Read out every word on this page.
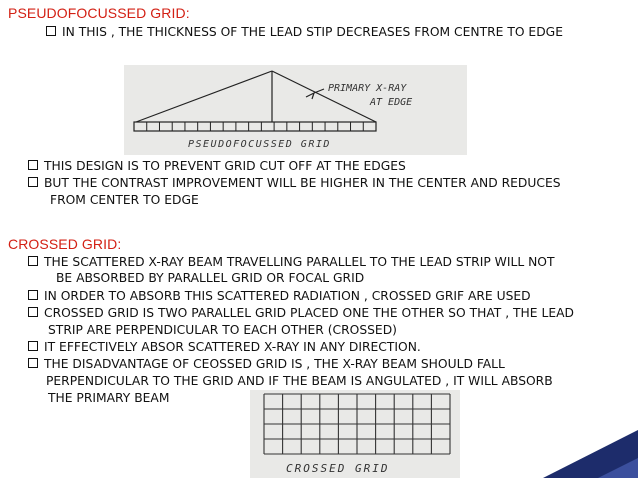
PSEUDOFOCUSSED GRID:
IN THIS , THE THICKNESS OF THE LEAD STIP DECREASES FROM CENTRE TO EDGE
PRIMARY X-RAY
AT EDGE
PSEUDOFOCUSSED GRID
THIS DESIGN IS TO PREVENT GRID CUT OFF AT THE EDGES
BUT THE CONTRAST IMPROVEMENT WILL BE HIGHER IN THE CENTER AND REDUCES
FROM CENTER TO EDGE
CROSSED GRID:
THE SCATTERED X-RAY BEAM TRAVELLING PARALLEL TO THE LEAD STRIP WILL NOT
BE ABSORBED BY PARALLEL GRID OR FOCAL GRID
IN ORDER TO ABSORB THIS SCATTERED RADIATION , CROSSED GRIF ARE USED
CROSSED GRID IS TWO PARALLEL GRID PLACED ONE THE OTHER SO THAT , THE LEAD
STRIP ARE PERPENDICULAR TO EACH OTHER (CROSSED)
IT EFFECTIVELY ABSOR SCATTERED X-RAY IN ANY DIRECTION.
THE DISADVANTAGE OF CEOSSED GRID IS , THE X-RAY BEAM SHOULD FALL
PERPENDICULAR TO THE GRID AND IF THE BEAM IS ANGULATED , IT WILL ABSORB
THE PRIMARY BEAM
CROSSED GRID
